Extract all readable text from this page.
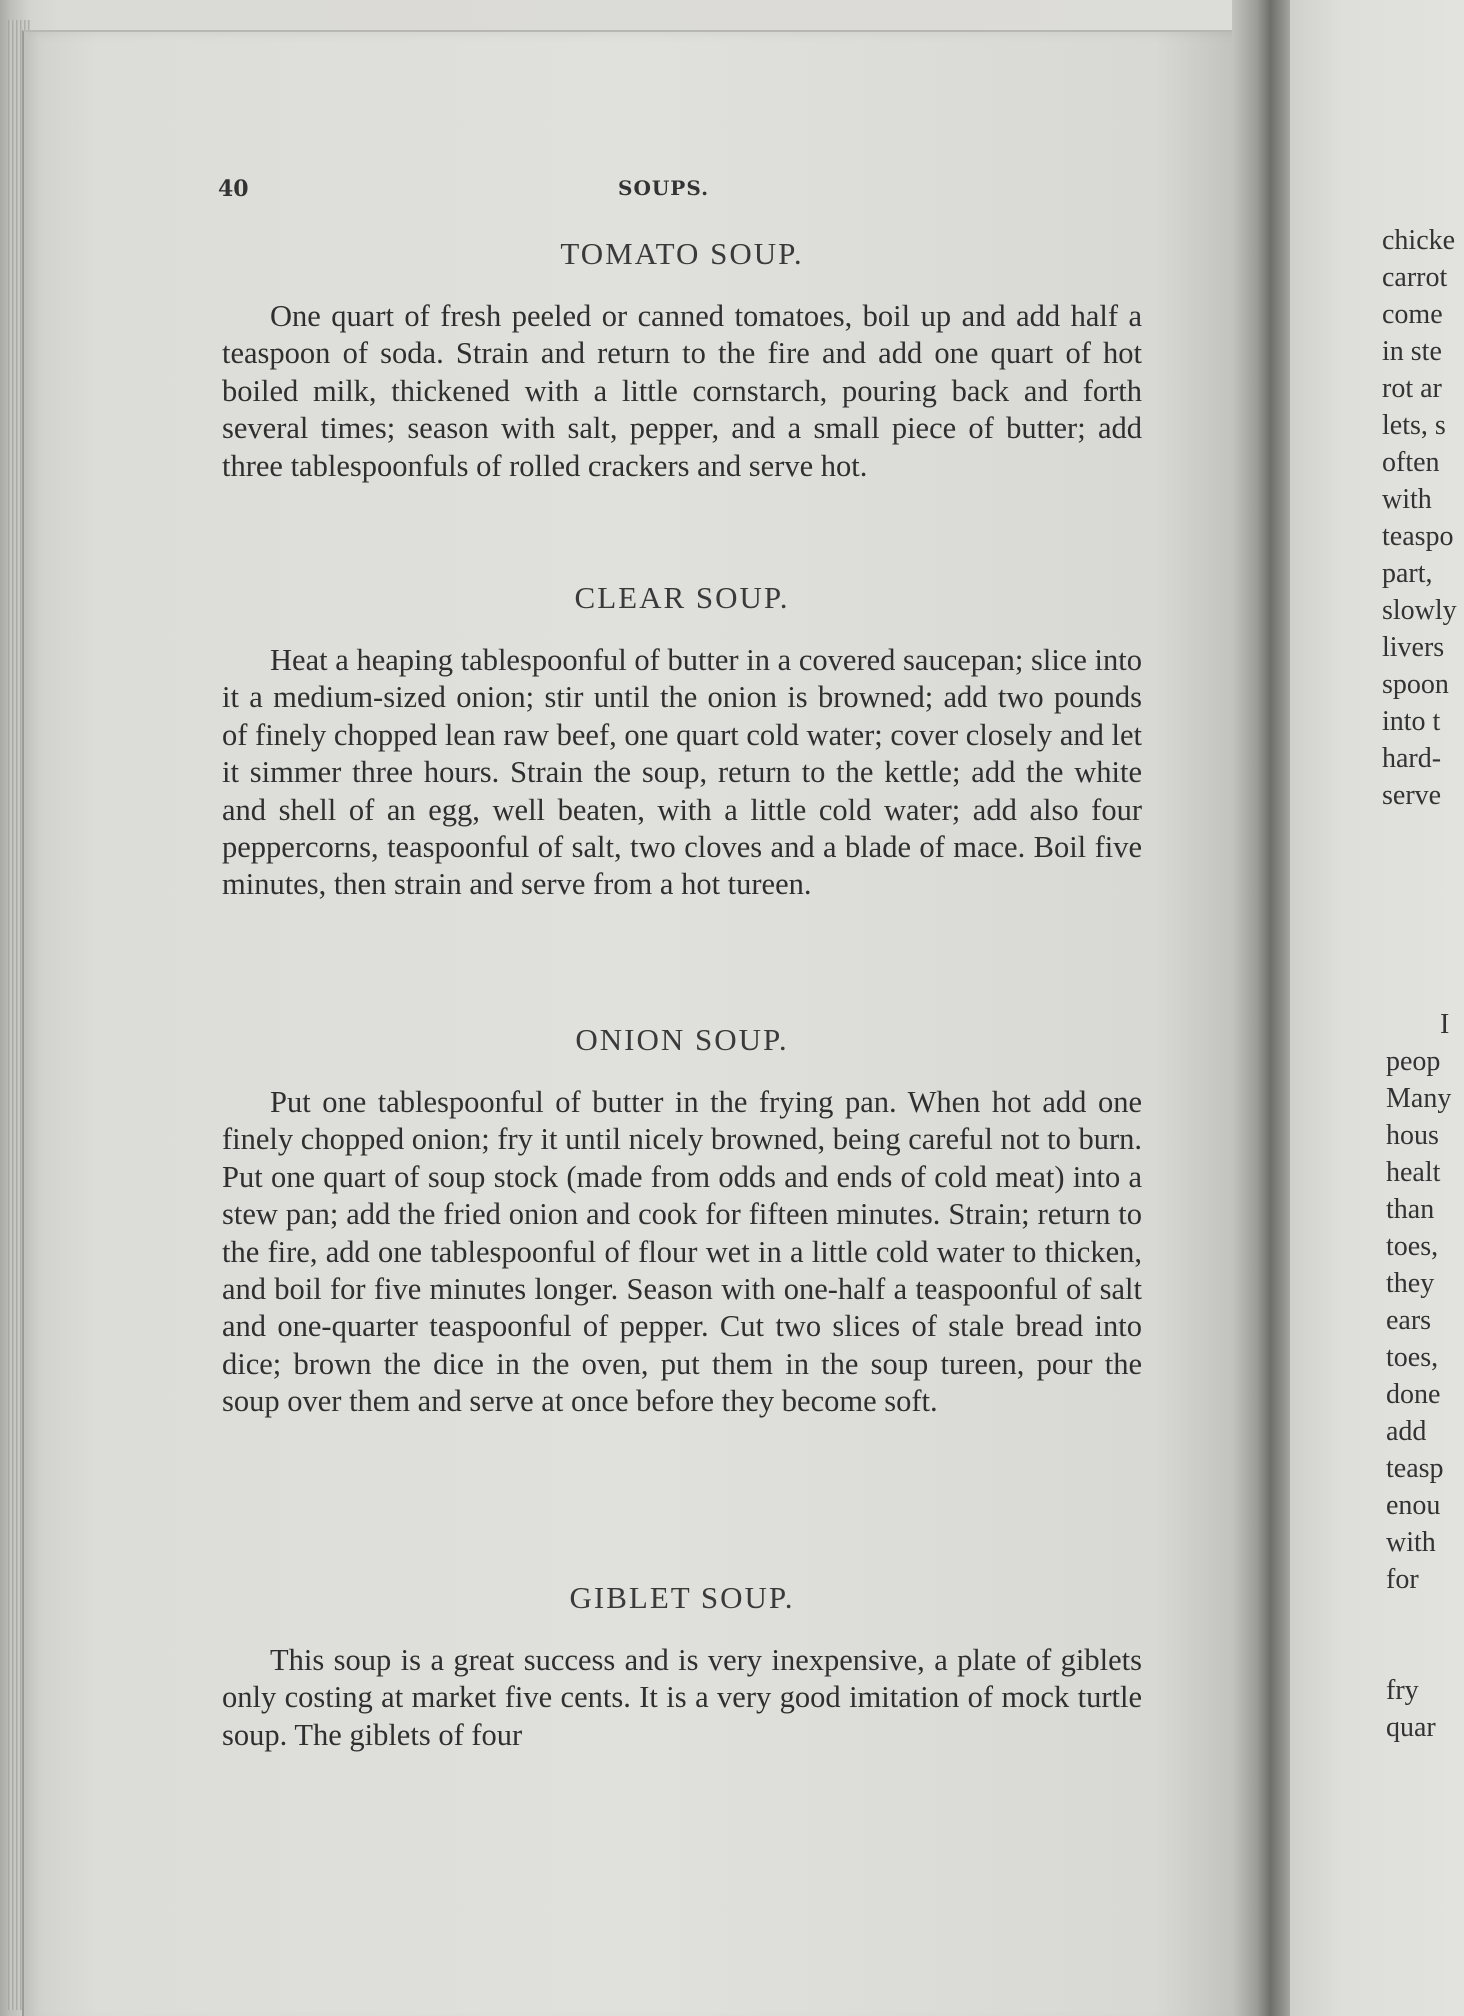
40	SOUPS.
TOMATO SOUP.

One quart of fresh peeled or canned tomatoes, boil up and add half a teaspoon of soda. Strain and return to the fire and add one quart of hot boiled milk, thickened with a little cornstarch, pouring back and forth several times; season with salt, pepper, and a small piece of butter; add three tablespoonfuls of rolled crackers and serve hot.

CLEAR SOUP.

Heat a heaping tablespoonful of butter in a covered saucepan; slice into it a medium-sized onion; stir until the onion is browned; add two pounds of finely chopped lean raw beef, one quart cold water; cover closely and let it simmer three hours. Strain the soup, return to the kettle; add the white and shell of an egg, well beaten, with a little cold water; add also four peppercorns, teaspoonful of salt, two cloves and a blade of mace. Boil five minutes, then strain and serve from a hot tureen.

ONION SOUP.

Put one tablespoonful of butter in the frying pan. When hot add one finely chopped onion; fry it until nicely browned, being careful not to burn. Put one quart of soup stock (made from odds and ends of cold meat) into a stew pan; add the fried onion and cook for fifteen minutes. Strain; return to the fire, add one tablespoonful of flour wet in a little cold water to thicken, and boil for five minutes longer. Season with one-half a teaspoonful of salt and one-quarter teaspoonful of pepper. Cut two slices of stale bread into dice; brown the dice in the oven, put them in the soup tureen, pour the soup over them and serve at once before they become soft.

GIBLET SOUP.

This soup is a great success and is very inexpensive, a plate of giblets only costing at market five cents. It is a very good imitation of mock turtle soup. The giblets of four

chicke
carrot
come
in ste
rot ar
lets, s
often
with
teaspo
part,
slowly
livers
spoon
into t
hard-
serve
I
peop
Many
hous
healt
than
toes,
they
ears
toes,
done
add
teasp
enou
with
for
fry
quar
